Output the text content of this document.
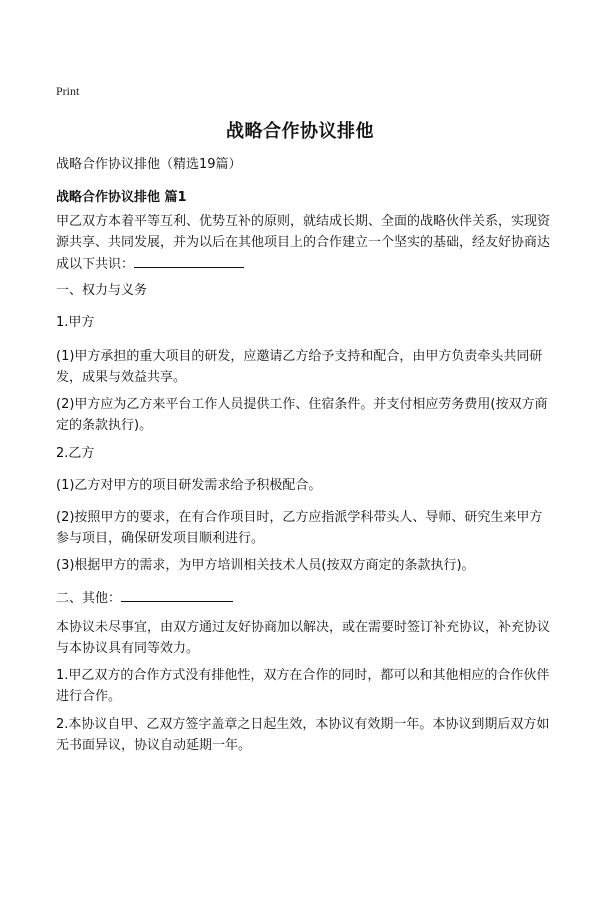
Print
战略合作协议排他

战略合作协议排他（精选19篇）

战略合作协议排他 篇1

甲乙双方本着平等互利、优势互补的原则，就结成长期、全面的战略伙伴关系，实现资源共享、共同发展，并为以后在其他项目上的合作建立一个坚实的基础，经友好协商达成以下共识：

一、权力与义务

1.甲方

(1)甲方承担的重大项目的研发，应邀请乙方给予支持和配合，由甲方负责牵头共同研发，成果与效益共享。

(2)甲方应为乙方来平台工作人员提供工作、住宿条件。并支付相应劳务费用(按双方商定的条款执行)。

2.乙方

(1)乙方对甲方的项目研发需求给予积极配合。

(2)按照甲方的要求，在有合作项目时，乙方应指派学科带头人、导师、研究生来甲方参与项目，确保研发项目顺利进行。

(3)根据甲方的需求，为甲方培训相关技术人员(按双方商定的条款执行)。

二、其他：

本协议未尽事宜，由双方通过友好协商加以解决，或在需要时签订补充协议，补充协议与本协议具有同等效力。

1.甲乙双方的合作方式没有排他性，双方在合作的同时，都可以和其他相应的合作伙伴进行合作。

2.本协议自甲、乙双方签字盖章之日起生效，本协议有效期一年。本协议到期后双方如无书面异议，协议自动延期一年。
